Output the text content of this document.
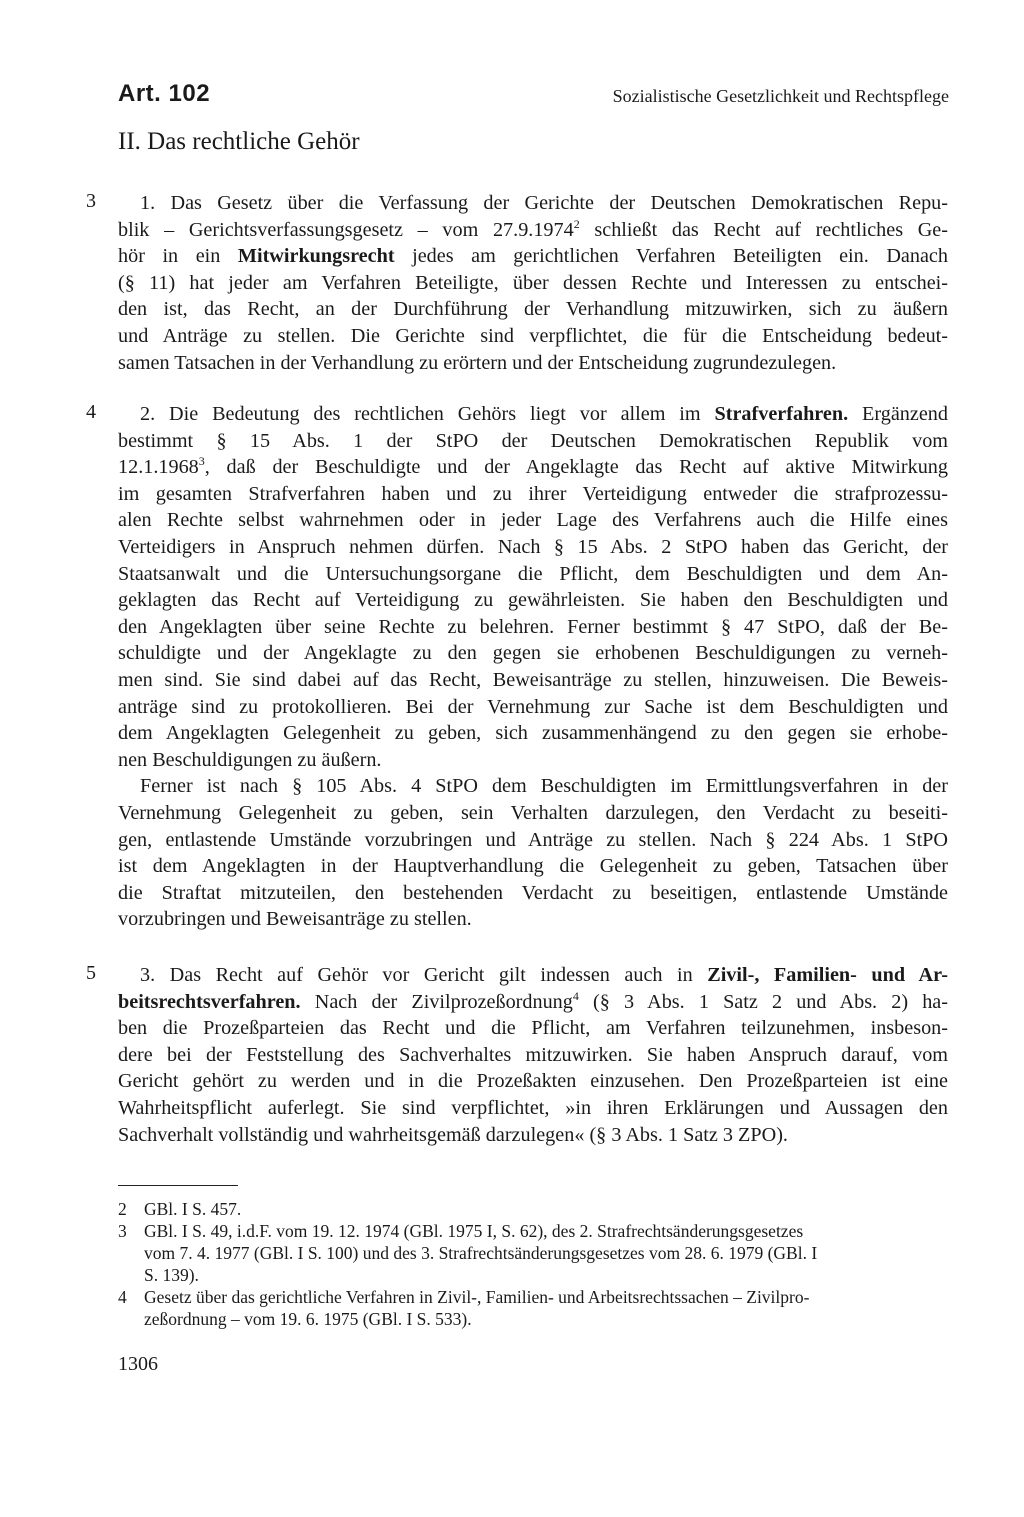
Art. 102	Sozialistische Gesetzlichkeit und Rechtspflege
II. Das rechtliche Gehör
3	1. Das Gesetz über die Verfassung der Gerichte der Deutschen Demokratischen Repu-
blik – Gerichtsverfassungsgesetz – vom 27.9.1974$^2$ schließt das Recht auf rechtliches Ge-
hör in ein Mitwirkungsrecht jedes am gerichtlichen Verfahren Beteiligten ein. Danach
(§ 11) hat jeder am Verfahren Beteiligte, über dessen Rechte und Interessen zu entschei-
den ist, das Recht, an der Durchführung der Verhandlung mitzuwirken, sich zu äußern
und Anträge zu stellen. Die Gerichte sind verpflichtet, die für die Entscheidung bedeut-
samen Tatsachen in der Verhandlung zu erörtern und der Entscheidung zugrundezulegen.
4	2. Die Bedeutung des rechtlichen Gehörs liegt vor allem im Strafverfahren. Ergänzend
bestimmt § 15 Abs. 1 der StPO der Deutschen Demokratischen Republik vom
12.1.1968$^3$, daß der Beschuldigte und der Angeklagte das Recht auf aktive Mitwirkung
im gesamten Strafverfahren haben und zu ihrer Verteidigung entweder die strafprozessu-
alen Rechte selbst wahrnehmen oder in jeder Lage des Verfahrens auch die Hilfe eines
Verteidigers in Anspruch nehmen dürfen. Nach § 15 Abs. 2 StPO haben das Gericht, der
Staatsanwalt und die Untersuchungsorgane die Pflicht, dem Beschuldigten und dem An-
geklagten das Recht auf Verteidigung zu gewährleisten. Sie haben den Beschuldigten und
den Angeklagten über seine Rechte zu belehren. Ferner bestimmt § 47 StPO, daß der Be-
schuldigte und der Angeklagte zu den gegen sie erhobenen Beschuldigungen zu verneh-
men sind. Sie sind dabei auf das Recht, Beweisanträge zu stellen, hinzuweisen. Die Beweis-
anträge sind zu protokollieren. Bei der Vernehmung zur Sache ist dem Beschuldigten und
dem Angeklagten Gelegenheit zu geben, sich zusammenhängend zu den gegen sie erhobe-
nen Beschuldigungen zu äußern.
Ferner ist nach § 105 Abs. 4 StPO dem Beschuldigten im Ermittlungsverfahren in der
Vernehmung Gelegenheit zu geben, sein Verhalten darzulegen, den Verdacht zu beseiti-
gen, entlastende Umstände vorzubringen und Anträge zu stellen. Nach § 224 Abs. 1 StPO
ist dem Angeklagten in der Hauptverhandlung die Gelegenheit zu geben, Tatsachen über
die Straftat mitzuteilen, den bestehenden Verdacht zu beseitigen, entlastende Umstände
vorzubringen und Beweisanträge zu stellen.
5	3. Das Recht auf Gehör vor Gericht gilt indessen auch in Zivil-, Familien- und Ar-
beitsrechtsverfahren. Nach der Zivilprozeßordnung$^4$ (§ 3 Abs. 1 Satz 2 und Abs. 2) ha-
ben die Prozeßparteien das Recht und die Pflicht, am Verfahren teilzunehmen, insbeson-
dere bei der Feststellung des Sachverhaltes mitzuwirken. Sie haben Anspruch darauf, vom
Gericht gehört zu werden und in die Prozeßakten einzusehen. Den Prozeßparteien ist eine
Wahrheitspflicht auferlegt. Sie sind verpflichtet, »in ihren Erklärungen und Aussagen den
Sachverhalt vollständig und wahrheitsgemäß darzulegen« (§ 3 Abs. 1 Satz 3 ZPO).
2 GBl. I S. 457.
3 GBl. I S. 49, i.d.F. vom 19. 12. 1974 (GBl. 1975 I, S. 62), des 2. Strafrechtsänderungsgesetzes
vom 7. 4. 1977 (GBl. I S. 100) und des 3. Strafrechtsänderungsgesetzes vom 28. 6. 1979 (GBl. I
S. 139).
4 Gesetz über das gerichtliche Verfahren in Zivil-, Familien- und Arbeitsrechtssachen – Zivilpro-
zeßordnung – vom 19. 6. 1975 (GBl. I S. 533).
1306
